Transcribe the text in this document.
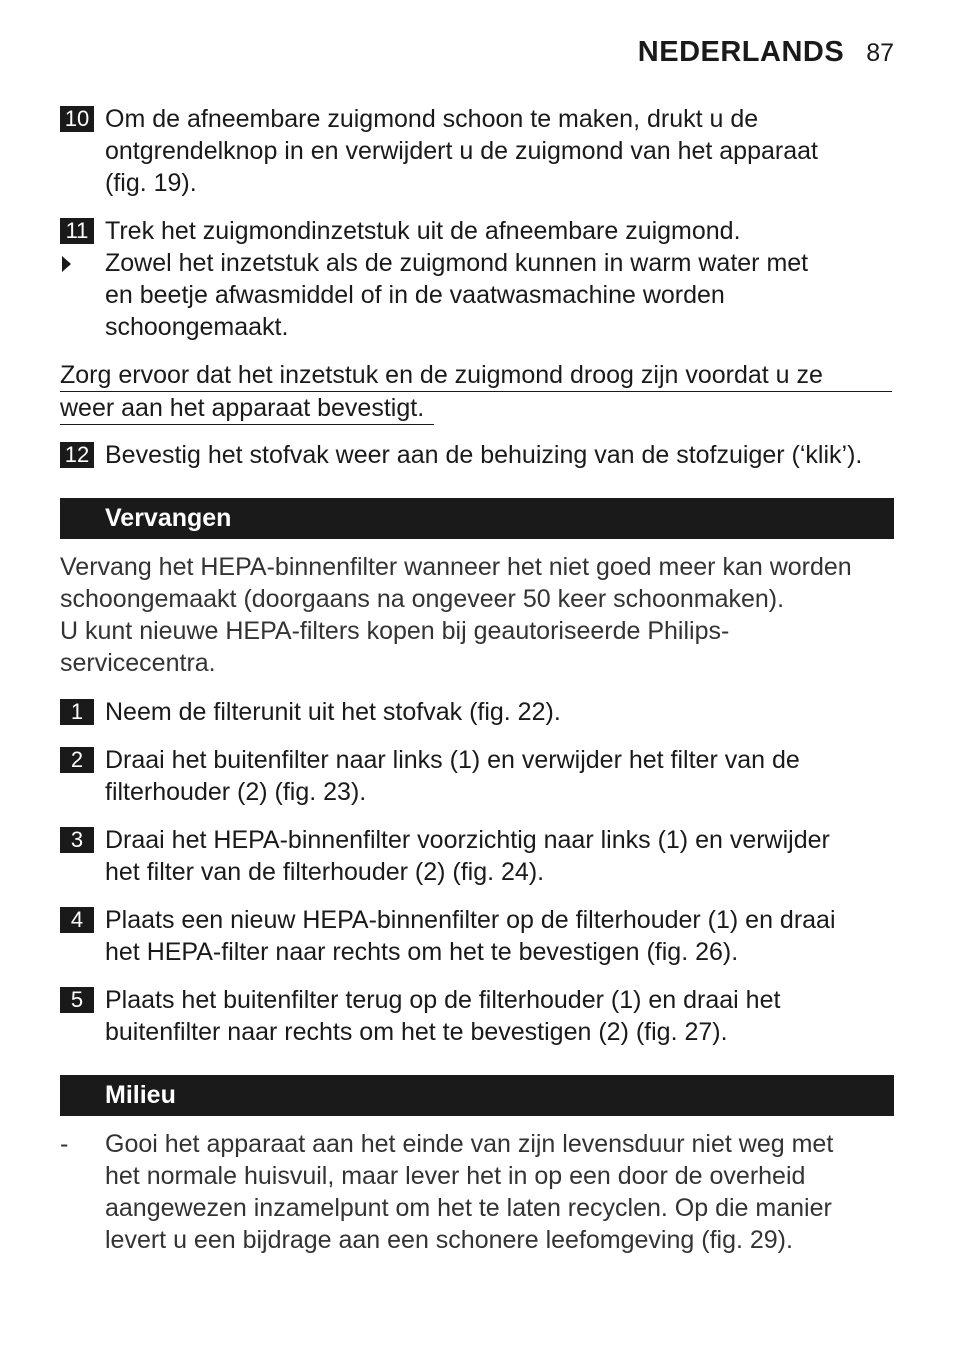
NEDERLANDS 87
10 Om de afneembare zuigmond schoon te maken, drukt u de
ontgrendelknop in en verwijdert u de zuigmond van het apparaat
(fig. 19).
11 Trek het zuigmondinzetstuk uit de afneembare zuigmond.
Zowel het inzetstuk als de zuigmond kunnen in warm water met
en beetje afwasmiddel of in de vaatwasmachine worden
schoongemaakt.
Zorg ervoor dat het inzetstuk en de zuigmond droog zijn voordat u ze
weer aan het apparaat bevestigt.
12 Bevestig het stofvak weer aan de behuizing van de stofzuiger (‘klik’).
Vervangen
Vervang het HEPA-binnenfilter wanneer het niet goed meer kan worden
schoongemaakt (doorgaans na ongeveer 50 keer schoonmaken).
U kunt nieuwe HEPA-filters kopen bij geautoriseerde Philips-
servicecentra.
1 Neem de filterunit uit het stofvak (fig. 22).
2 Draai het buitenfilter naar links (1) en verwijder het filter van de
filterhouder (2) (fig. 23).
3 Draai het HEPA-binnenfilter voorzichtig naar links (1) en verwijder
het filter van de filterhouder (2) (fig. 24).
4 Plaats een nieuw HEPA-binnenfilter op de filterhouder (1) en draai
het HEPA-filter naar rechts om het te bevestigen (fig. 26).
5 Plaats het buitenfilter terug op de filterhouder (1) en draai het
buitenfilter naar rechts om het te bevestigen (2) (fig. 27).
Milieu
- Gooi het apparaat aan het einde van zijn levensduur niet weg met
het normale huisvuil, maar lever het in op een door de overheid
aangewezen inzamelpunt om het te laten recyclen. Op die manier
levert u een bijdrage aan een schonere leefomgeving (fig. 29).
